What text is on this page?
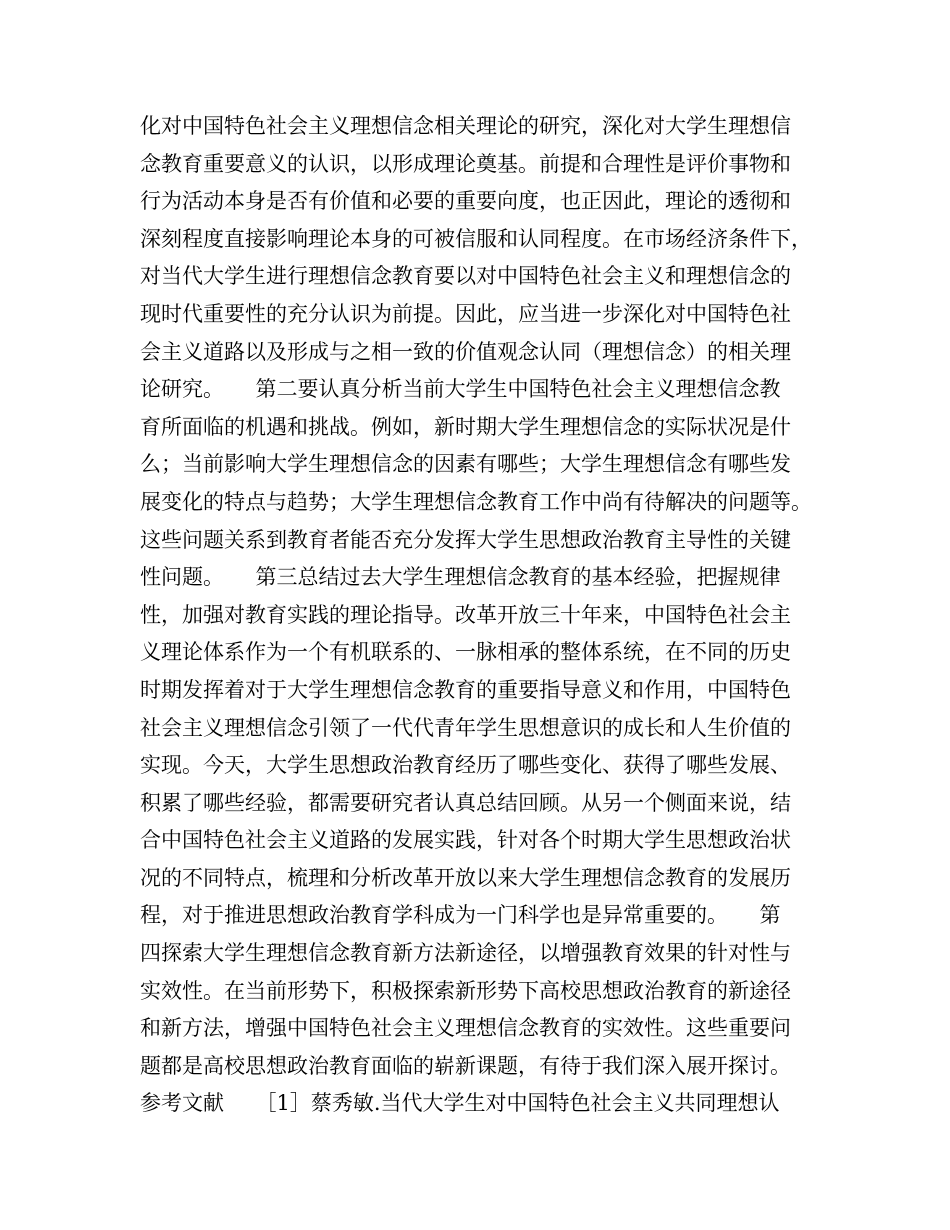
化对中国特色社会主义理想信念相关理论的研究，深化对大学生理想信
念教育重要意义的认识，以形成理论奠基。前提和合理性是评价事物和
行为活动本身是否有价值和必要的重要向度，也正因此，理论的透彻和
深刻程度直接影响理论本身的可被信服和认同程度。在市场经济条件下，
对当代大学生进行理想信念教育要以对中国特色社会主义和理想信念的
现时代重要性的充分认识为前提。因此，应当进一步深化对中国特色社
会主义道路以及形成与之相一致的价值观念认同（理想信念）的相关理
论研究。　　第二要认真分析当前大学生中国特色社会主义理想信念教
育所面临的机遇和挑战。例如，新时期大学生理想信念的实际状况是什
么；当前影响大学生理想信念的因素有哪些；大学生理想信念有哪些发
展变化的特点与趋势；大学生理想信念教育工作中尚有待解决的问题等。
这些问题关系到教育者能否充分发挥大学生思想政治教育主导性的关键
性问题。　　第三总结过去大学生理想信念教育的基本经验，把握规律
性，加强对教育实践的理论指导。改革开放三十年来，中国特色社会主
义理论体系作为一个有机联系的、一脉相承的整体系统，在不同的历史
时期发挥着对于大学生理想信念教育的重要指导意义和作用，中国特色
社会主义理想信念引领了一代代青年学生思想意识的成长和人生价值的
实现。今天，大学生思想政治教育经历了哪些变化、获得了哪些发展、
积累了哪些经验，都需要研究者认真总结回顾。从另一个侧面来说，结
合中国特色社会主义道路的发展实践，针对各个时期大学生思想政治状
况的不同特点，梳理和分析改革开放以来大学生理想信念教育的发展历
程，对于推进思想政治教育学科成为一门科学也是异常重要的。　　第
四探索大学生理想信念教育新方法新途径，以增强教育效果的针对性与
实效性。在当前形势下，积极探索新形势下高校思想政治教育的新途径
和新方法，增强中国特色社会主义理想信念教育的实效性。这些重要问
题都是高校思想政治教育面临的崭新课题，有待于我们深入展开探讨。
参考文献　　［1］蔡秀敏.当代大学生对中国特色社会主义共同理想认
